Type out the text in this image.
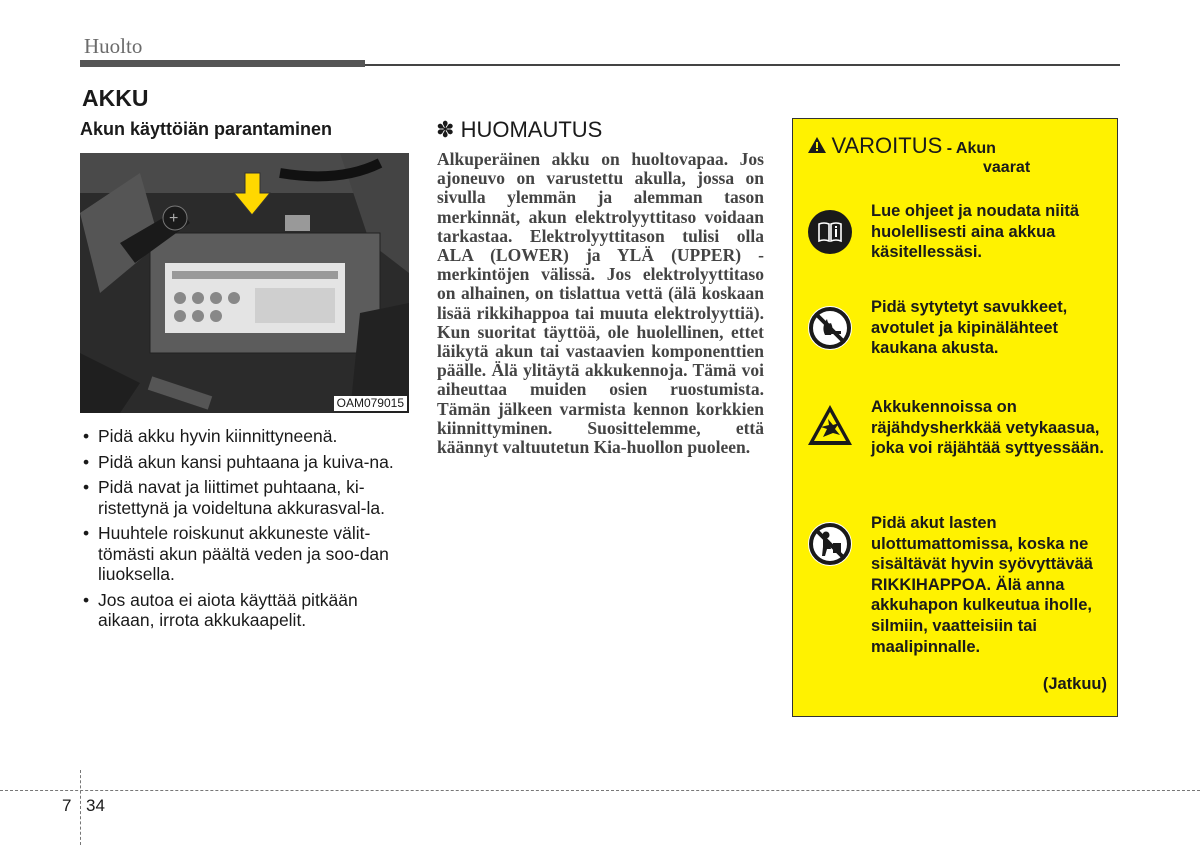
Huolto
AKKU
Akun käyttöiän parantaminen
+
OAM079015
• Pidä akku hyvin kiinnittyneenä.
• Pidä akun kansi puhtaana ja kuiva-na.
• Pidä navat ja liittimet puhtaana, ki-ristettynä ja voideltuna akkurasval-la.
• Huuhtele roiskunut akkuneste välit-tömästi akun päältä veden ja soo-dan liuoksella.
• Jos autoa ei aiota käyttää pitkään aikaan, irrota akkukaapelit.
✽ HUOMAUTUS

Alkuperäinen akku on huoltovapaa. Jos ajoneuvo on varustettu akulla, jossa on sivulla ylemmän ja alemman tason merkinnät, akun elektrolyyttitaso voidaan tarkastaa. Elektrolyyttitason tulisi olla ALA (LOWER) ja YLÄ (UPPER) -merkintöjen välissä. Jos elektrolyyttitaso on alhainen, on tislattua vettä (älä koskaan lisää rikkihappoa tai muuta elektrolyyttiä). Kun suoritat täyttöä, ole huolellinen, ettet läikytä akun tai vastaavien komponenttien päälle. Älä ylitäytä akkukennoja. Tämä voi aiheuttaa muiden osien ruostumista. Tämän jälkeen varmista kennon korkkien kiinnittyminen. Suosittelemme, että käännyt valtuutetun Kia-huollon puoleen.

VAROITUS - Akun
vaarat
Lue ohjeet ja noudata niitä huolellisesti aina akkua käsitellessäsi.
Pidä sytytetyt savukkeet, avotulet ja kipinälähteet kaukana akusta.
Akkukennoissa on räjähdysherkkää vetykaasua, joka voi räjähtää syttyessään.
Pidä akut lasten ulottumattomissa, koska ne sisältävät hyvin syövyttävää RIKKIHAPPOA. Älä anna akkuhapon kulkeutua iholle, silmiin, vaatteisiin tai maalipinnalle.
(Jatkuu)
7 34
